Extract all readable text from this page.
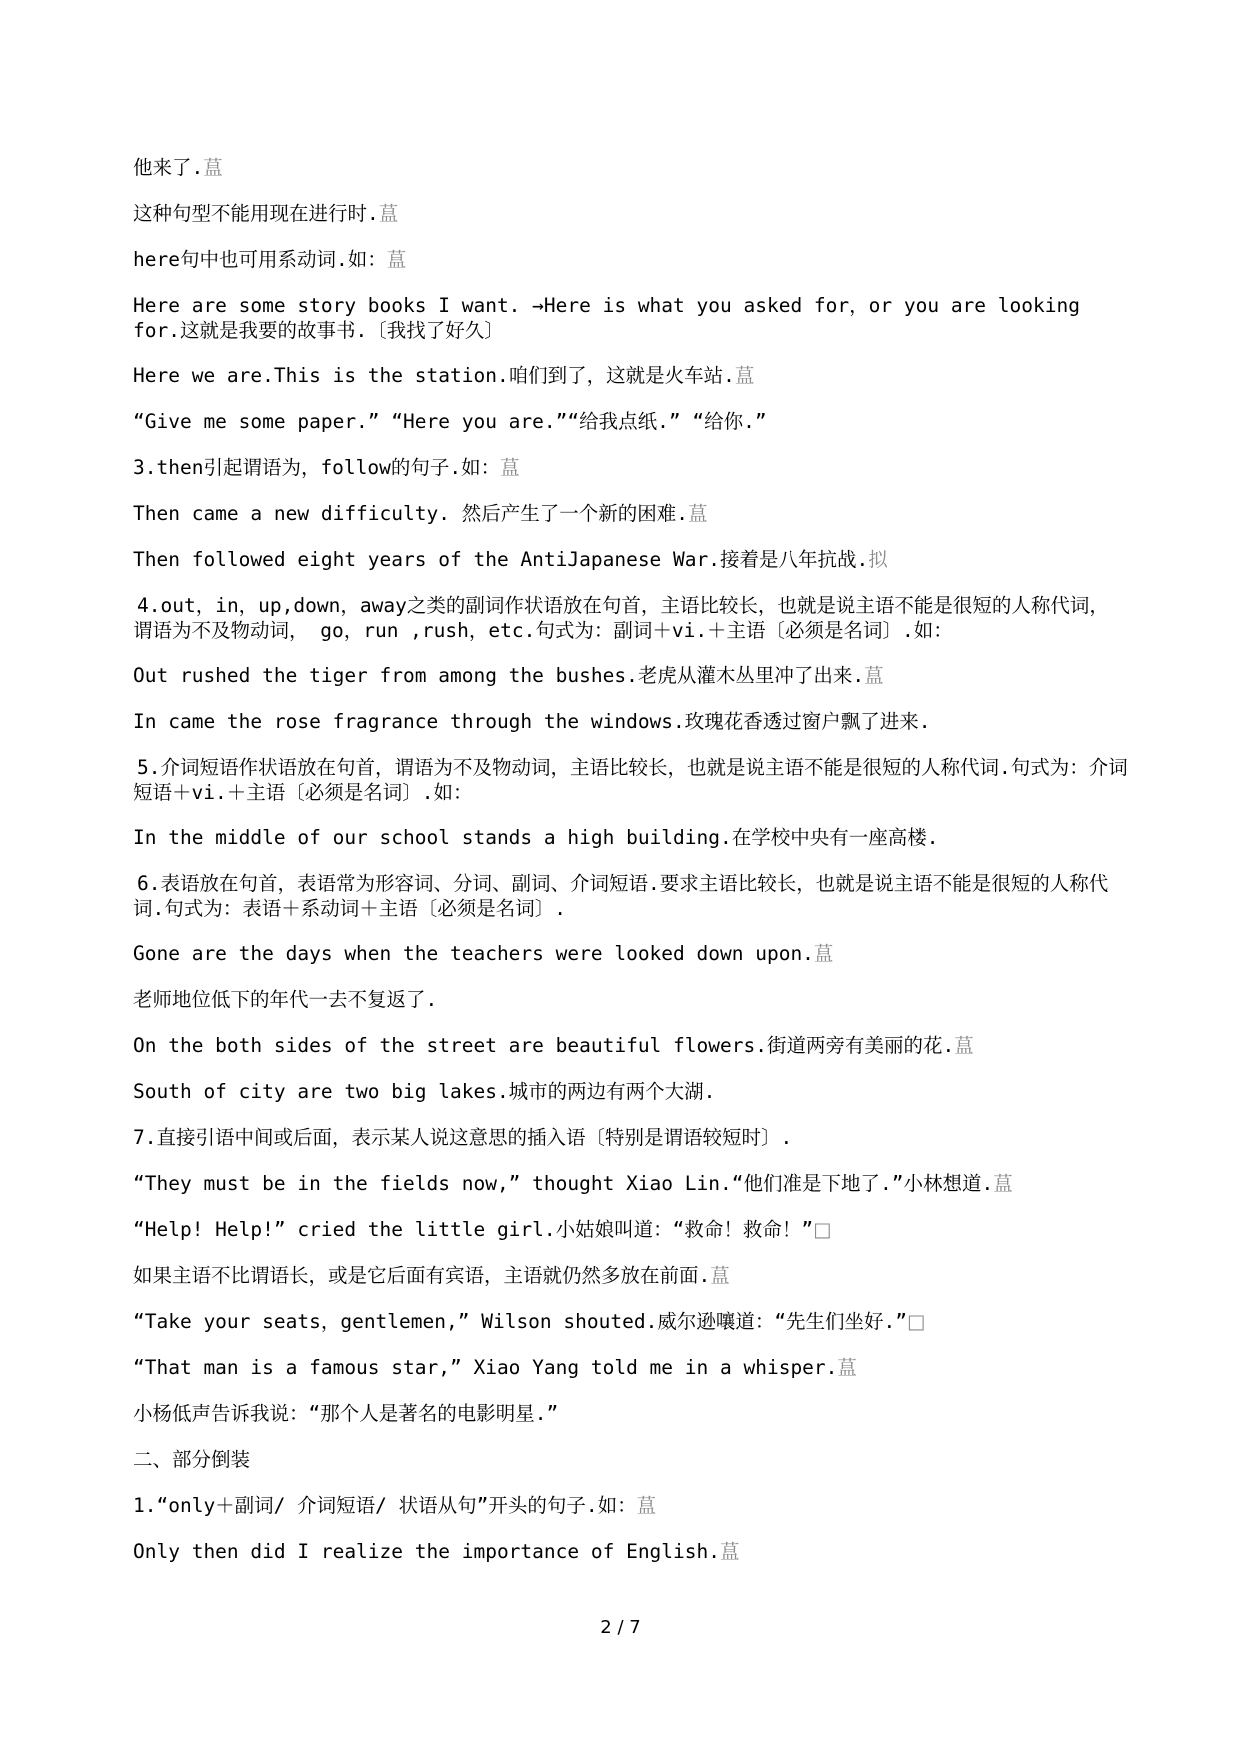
他来了.蒀

这种句型不能用现在进行时.蒀

here句中也可用系动词.如：蒀

Here are some story books I want. →Here is what you asked for，or you are looking for.这就是我要的故事书.〔我找了好久〕

Here we are.This is the station.咱们到了，这就是火车站.蒀

“Give me some paper.” “Here you are.”“给我点纸.” “给你.”

3.then引起谓语为，follow的句子.如：蒀

Then came a new difficulty. 然后产生了一个新的困难.蒀

Then followed eight years of the AntiJapanese War.接着是八年抗战.拟

4.out，in，up,down，away之类的副词作状语放在句首，主语比较长，也就是说主语不能是很短的人称代词，谓语为不及物动词， go，run ,rush，etc.句式为：副词＋vi.＋主语〔必须是名词〕.如：

Out rushed the tiger from among the bushes.老虎从灌木丛里冲了出来.蒀

In came the rose fragrance through the windows.玫瑰花香透过窗户飘了进来.

5.介词短语作状语放在句首，谓语为不及物动词，主语比较长，也就是说主语不能是很短的人称代词.句式为：介词短语＋vi.＋主语〔必须是名词〕.如：

In the middle of our school stands a high building.在学校中央有一座高楼.

6.表语放在句首，表语常为形容词、分词、副词、介词短语.要求主语比较长，也就是说主语不能是很短的人称代词.句式为：表语＋系动词＋主语〔必须是名词〕.

Gone are the days when the teachers were looked down upon.蒀

老师地位低下的年代一去不复返了.

On the both sides of the street are beautiful flowers.街道两旁有美丽的花.蒀

South of city are two big lakes.城市的两边有两个大湖.

7.直接引语中间或后面，表示某人说这意思的插入语〔特别是谓语较短时〕.

“They must be in the fields now,” thought Xiao Lin.“他们准是下地了.”小林想道.蒀

“Help! Help!” cried the little girl.小姑娘叫道：“救命！救命！”□

如果主语不比谓语长，或是它后面有宾语，主语就仍然多放在前面.蒀

“Take your seats，gentlemen,” Wilson shouted.威尔逊嚷道：“先生们坐好.”□

“That man is a famous star,” Xiao Yang told me in a whisper.蒀

小杨低声告诉我说：“那个人是著名的电影明星.”

二、部分倒装

1.“only＋副词/ 介词短语/ 状语从句”开头的句子.如：蒀

Only then did I realize the importance of English.蒀

2 / 7
